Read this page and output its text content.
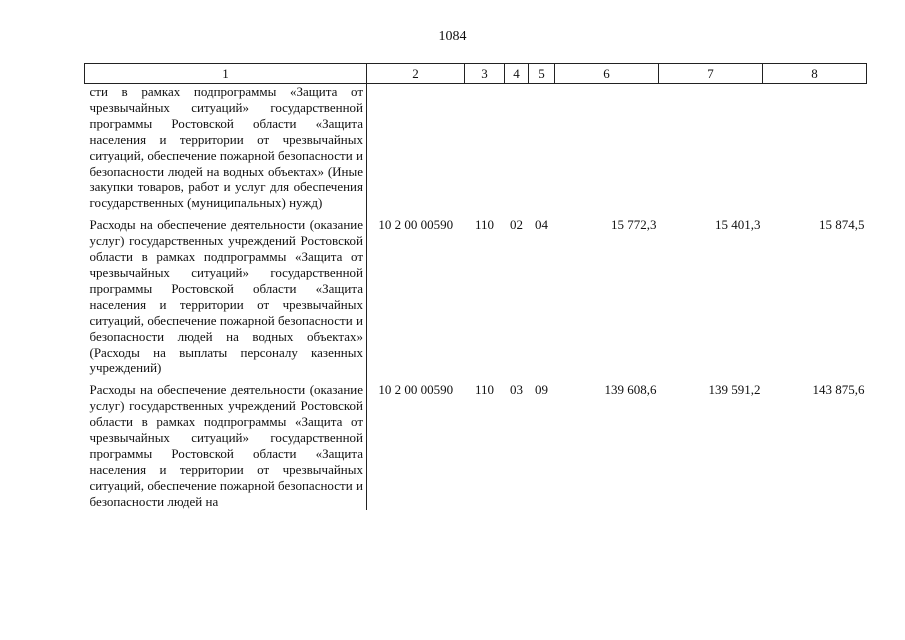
1084
1	2	3	4	5	6	7	8
сти в рамках подпрограммы «Защита от чрезвычайных ситуаций» государственной программы Ростовской области «Защита населения и территории от чрезвычайных ситуаций, обеспечение пожарной безопасности и безопасности людей на водных объектах» (Иные закупки товаров, работ и услуг для обеспечения государственных (муниципальных) нужд)							
Расходы на обеспечение деятельности (оказание услуг) государственных учреждений Ростовской области в рамках подпрограммы «Защита от чрезвычайных ситуаций» государственной программы Ростовской области «Защита населения и территории от чрезвычайных ситуаций, обеспечение пожарной безопасности и безопасности людей на водных объектах» (Расходы на выплаты персоналу казенных учреждений)	10 2 00 00590	110	02	04	15 772,3	15 401,3	15 874,5
Расходы на обеспечение деятельности (оказание услуг) государственных учреждений Ростовской области в рамках подпрограммы «Защита от чрезвычайных ситуаций» государственной программы Ростовской области «Защита населения и территории от чрезвычайных ситуаций, обеспечение пожарной безопасности и безопасности людей на	10 2 00 00590	110	03	09	139 608,6	139 591,2	143 875,6
